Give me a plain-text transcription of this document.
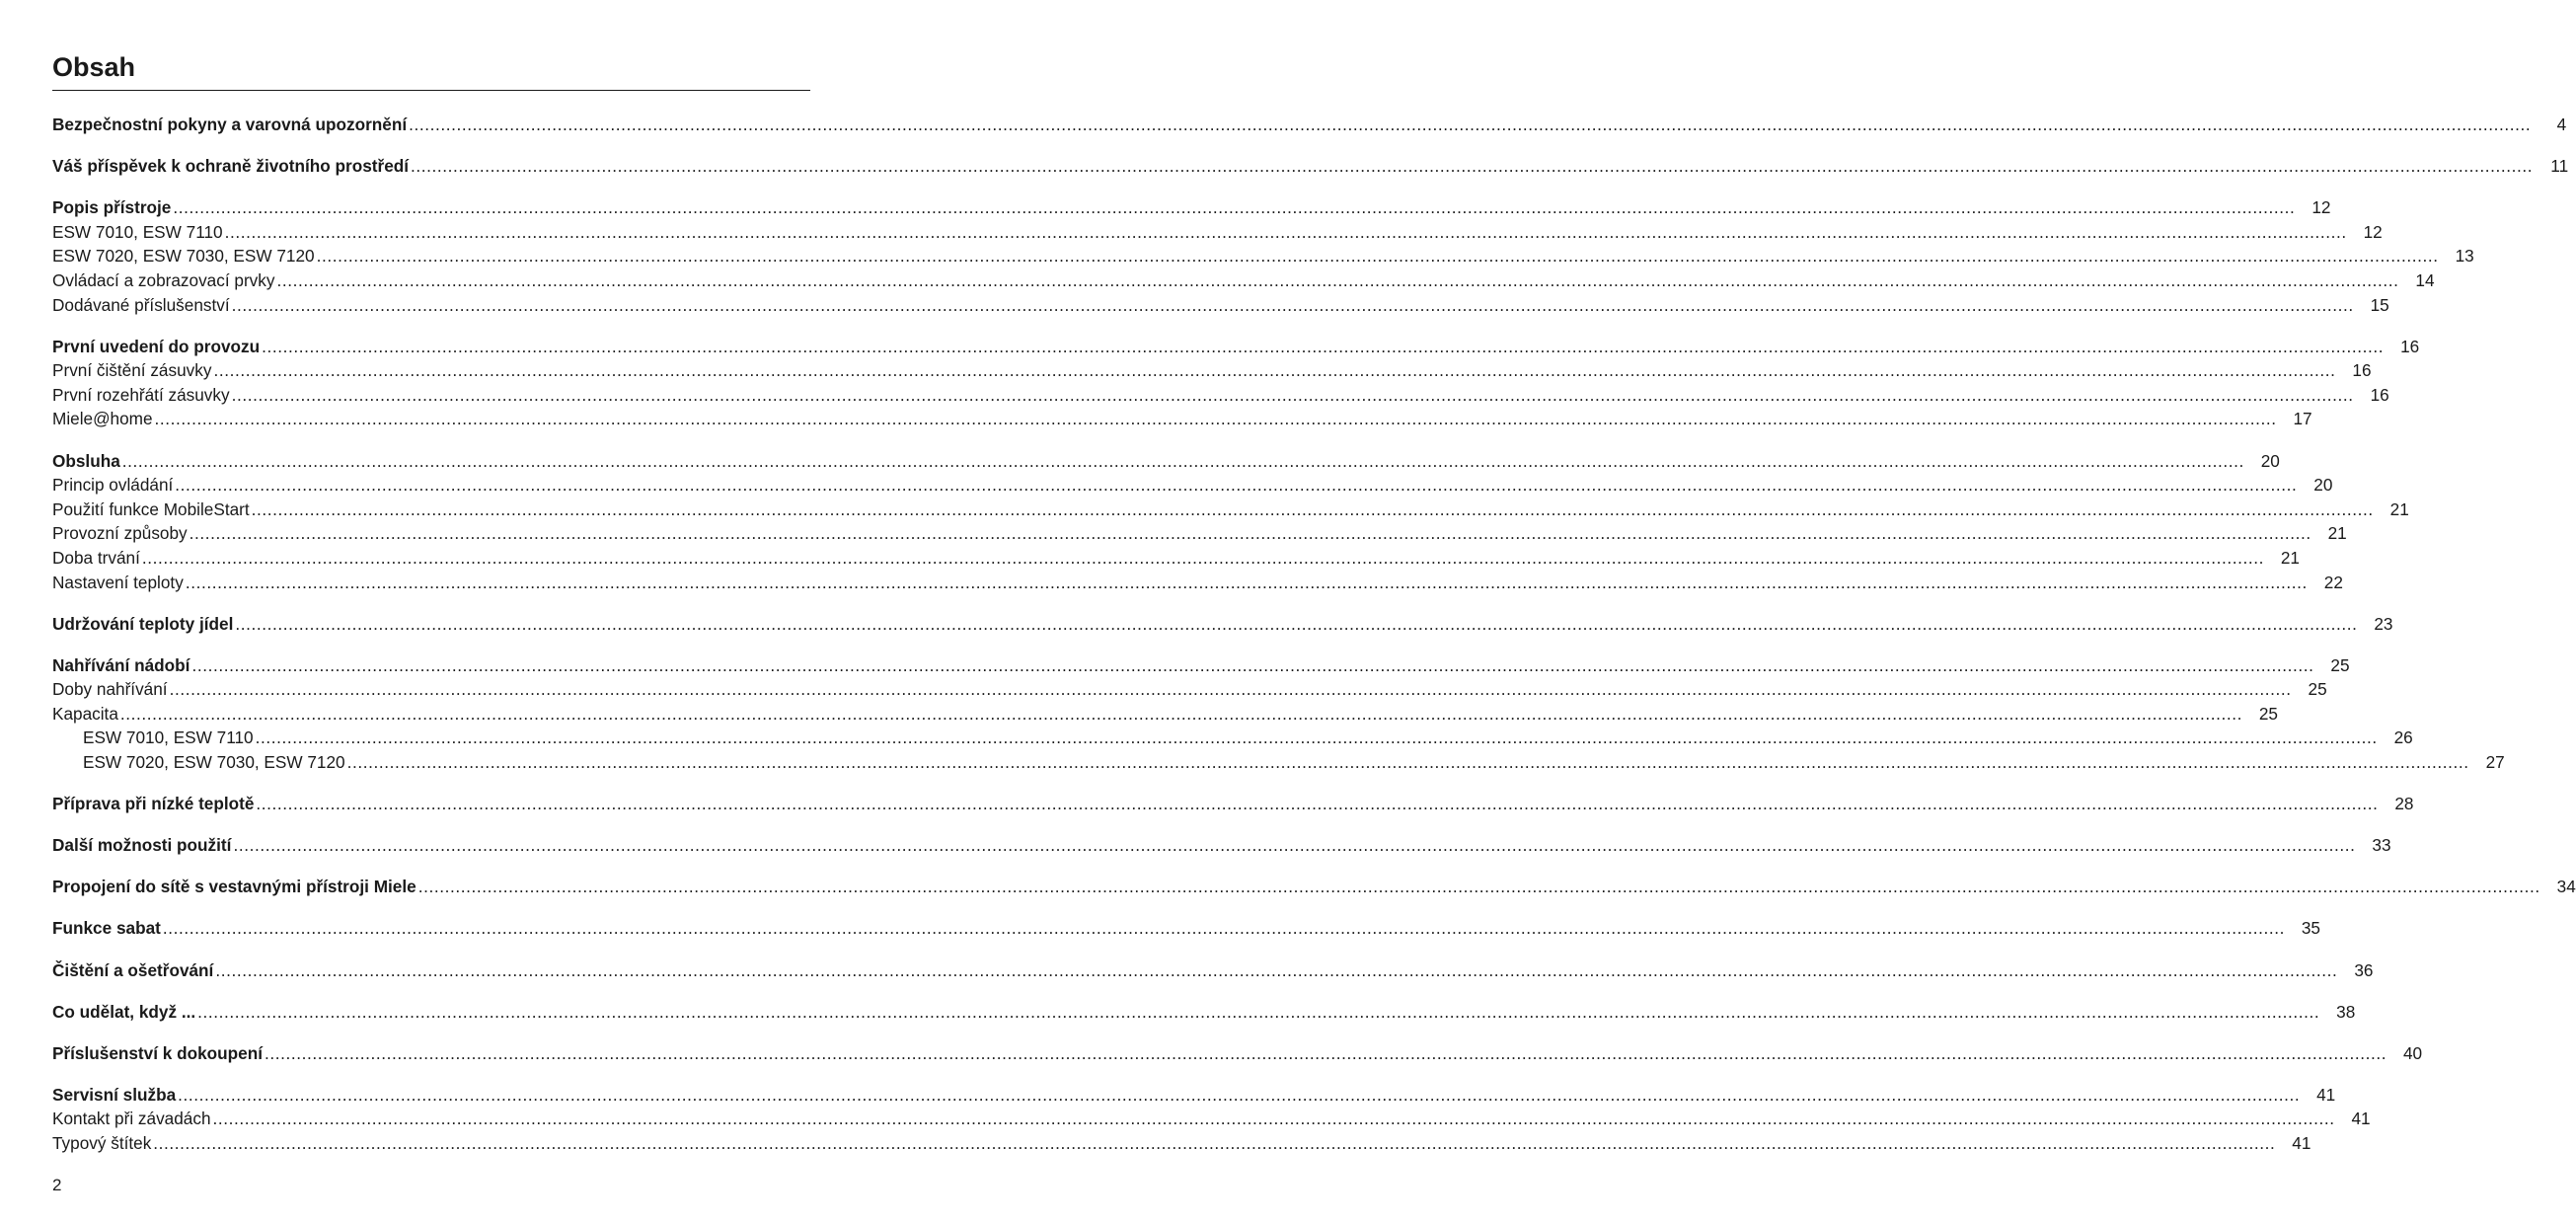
Obsah
Bezpečnostní pokyny a varovná upozornění ................................................................................................................................................................................................................................................................................................................................................................................................................	4
Váš příspěvek k ochraně životního prostředí ................................................................................................................................................................................................................................................................................................................................................................................................................	11
Popis přístroje ................................................................................................................................................................................................................................................................................................................................................................................................................ 12
ESW 7010, ESW 7110 ................................................................................................................................................................................................................................................................................................................................................................................................................ 12
ESW 7020, ESW 7030, ESW 7120 ................................................................................................................................................................................................................................................................................................................................................................................................................ 13
Ovládací a zobrazovací prvky ................................................................................................................................................................................................................................................................................................................................................................................................................ 14
Dodávané příslušenství ................................................................................................................................................................................................................................................................................................................................................................................................................ 15
První uvedení do provozu ................................................................................................................................................................................................................................................................................................................................................................................................................ 16
První čištění zásuvky ................................................................................................................................................................................................................................................................................................................................................................................................................ 16
První rozehřátí zásuvky ................................................................................................................................................................................................................................................................................................................................................................................................................ 16
Miele@home ................................................................................................................................................................................................................................................................................................................................................................................................................ 17
Obsluha ................................................................................................................................................................................................................................................................................................................................................................................................................ 20
Princip ovládání ................................................................................................................................................................................................................................................................................................................................................................................................................ 20
Použití funkce MobileStart ................................................................................................................................................................................................................................................................................................................................................................................................................ 21
Provozní způsoby ................................................................................................................................................................................................................................................................................................................................................................................................................ 21
Doba trvání ................................................................................................................................................................................................................................................................................................................................................................................................................ 21
Nastavení teploty ................................................................................................................................................................................................................................................................................................................................................................................................................ 22
Udržování teploty jídel ................................................................................................................................................................................................................................................................................................................................................................................................................ 23
Nahřívání nádobí ................................................................................................................................................................................................................................................................................................................................................................................................................ 25
Doby nahřívání ................................................................................................................................................................................................................................................................................................................................................................................................................ 25
Kapacita ................................................................................................................................................................................................................................................................................................................................................................................................................ 25
ESW 7010, ESW 7110 ................................................................................................................................................................................................................................................................................................................................................................................................................ 26
ESW 7020, ESW 7030, ESW 7120 ................................................................................................................................................................................................................................................................................................................................................................................................................ 27
Příprava při nízké teplotě ................................................................................................................................................................................................................................................................................................................................................................................................................ 28
Další možnosti použití ................................................................................................................................................................................................................................................................................................................................................................................................................ 33
Propojení do sítě s vestavnými přístroji Miele ................................................................................................................................................................................................................................................................................................................................................................................................................ 34
Funkce sabat ................................................................................................................................................................................................................................................................................................................................................................................................................ 35
Čištění a ošetřování ................................................................................................................................................................................................................................................................................................................................................................................................................ 36
Co udělat, když ... ................................................................................................................................................................................................................................................................................................................................................................................................................ 38
Příslušenství k dokoupení ................................................................................................................................................................................................................................................................................................................................................................................................................ 40
Servisní služba ................................................................................................................................................................................................................................................................................................................................................................................................................ 41
Kontakt při závadách ................................................................................................................................................................................................................................................................................................................................................................................................................ 41
Typový štítek ................................................................................................................................................................................................................................................................................................................................................................................................................ 41
2
